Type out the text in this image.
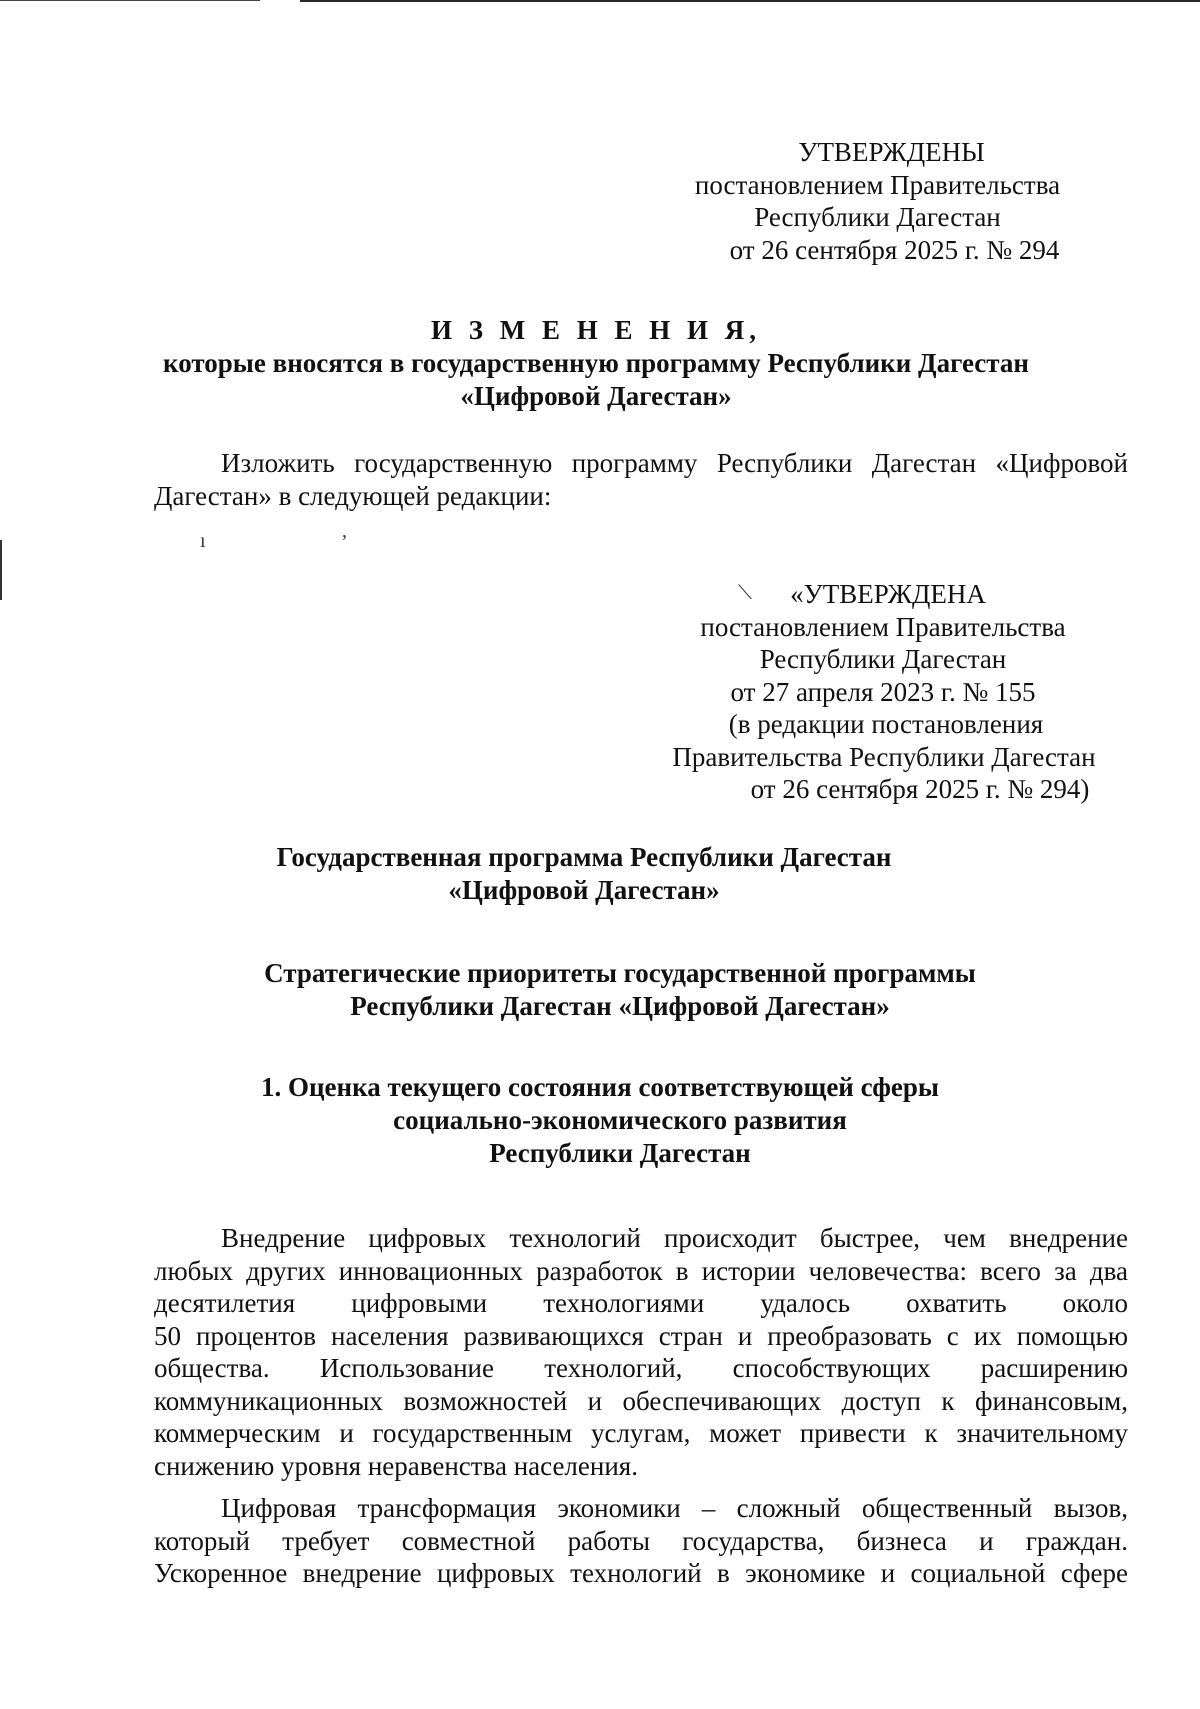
УТВЕРЖДЕНЫ
постановлением Правительства
Республики Дагестан
от 26 сентября 2025 г. № 294
И З М Е Н Е Н И Я,
которые вносятся в государственную программу Республики Дагестан
«Цифровой Дагестан»
Изложить государственную программу Республики Дагестан «Цифровой
Дагестан» в следующей редакции:
«УТВЕРЖДЕНА
постановлением Правительства
Республики Дагестан
от 27 апреля 2023 г. № 155
(в редакции постановления
Правительства Республики Дагестан
от 26 сентября 2025 г. № 294)
Государственная программа Республики Дагестан
«Цифровой Дагестан»
Стратегические приоритеты государственной программы
Республики Дагестан «Цифровой Дагестан»
1. Оценка текущего состояния соответствующей сферы
социально-экономического развития
Республики Дагестан
Внедрение цифровых технологий происходит быстрее, чем внедрение
любых других инновационных разработок в истории человечества: всего за два
десятилетия цифровыми технологиями удалось охватить около
50 процентов населения развивающихся стран и преобразовать с их помощью
общества. Использование технологий, способствующих расширению
коммуникационных возможностей и обеспечивающих доступ к финансовым,
коммерческим и государственным услугам, может привести к значительному
снижению уровня неравенства населения.
Цифровая трансформация экономики – сложный общественный вызов,
который требует совместной работы государства, бизнеса и граждан.
Ускоренное внедрение цифровых технологий в экономике и социальной сфере
ı	,
⟍
